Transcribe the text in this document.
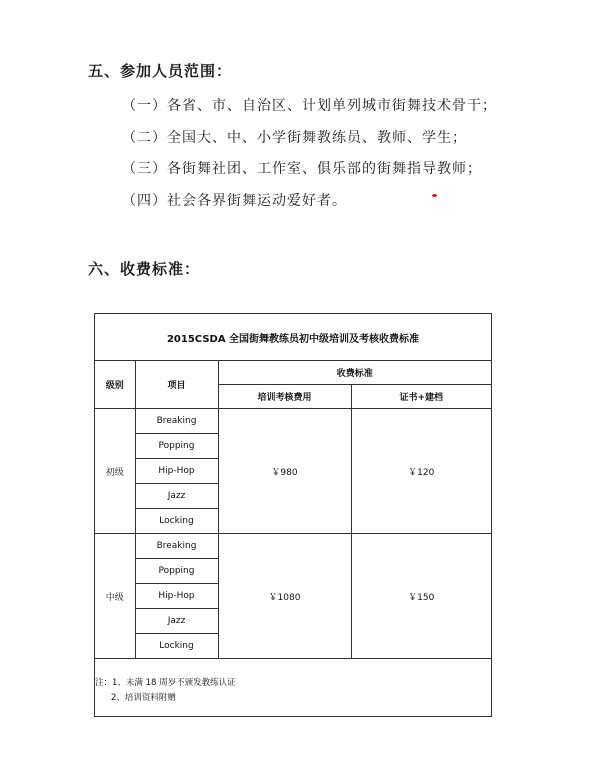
五、参加人员范围：
（一）各省、市、自治区、计划单列城市街舞技术骨干；
（二）全国大、中、小学街舞教练员、教师、学生；
（三）各街舞社团、工作室、俱乐部的街舞指导教师；
（四）社会各界街舞运动爱好者。
六、收费标准：
2015CSDA 全国街舞教练员初中级培训及考核收费标准			
级别	项目	收费标准	
		培训考核费用	证书+建档
初级	Breaking	￥980	￥120
	Popping		
	Hip-Hop		
	Jazz		
	Locking		
中级	Breaking	￥1080	￥150
	Popping		
	Hip-Hop		
	Jazz		
	Locking		
注：1、未满 18 周岁不颁发教练认证
2、培训资料附赠
